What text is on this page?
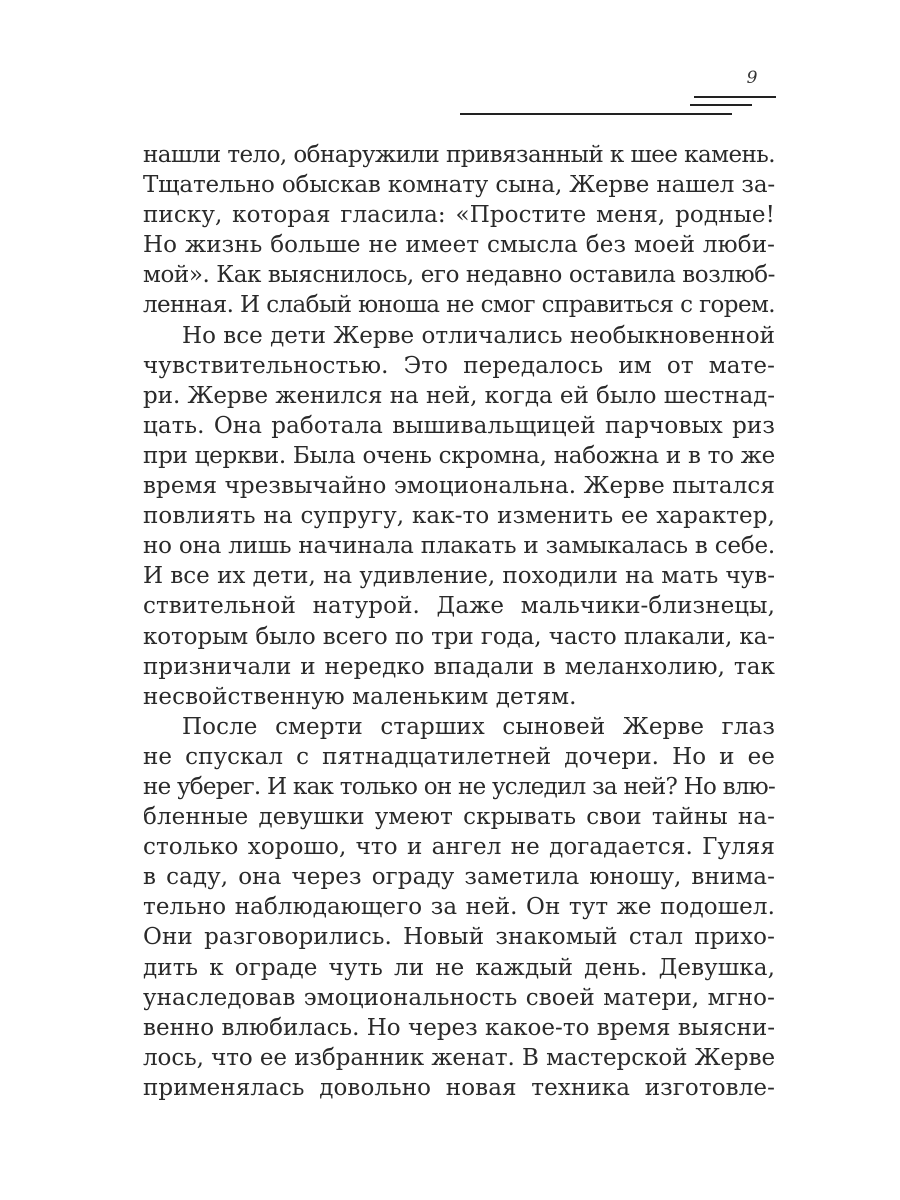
9
нашли тело, обнаружили привязанный к шее камень.
Тщательно обыскав комнату сына, Жерве нашел за-
писку, которая гласила: «Простите меня, родные!
Но жизнь больше не имеет смысла без моей люби-
мой». Как выяснилось, его недавно оставила возлюб-
ленная. И слабый юноша не смог справиться с горем.
Но все дети Жерве отличались необыкновенной
чувствительностью. Это передалось им от мате-
ри. Жерве женился на ней, когда ей было шестнад-
цать. Она работала вышивальщицей парчовых риз
при церкви. Была очень скромна, набожна и в то же
время чрезвычайно эмоциональна. Жерве пытался
повлиять на супругу, как-то изменить ее характер,
но она лишь начинала плакать и замыкалась в себе.
И все их дети, на удивление, походили на мать чув-
ствительной натурой. Даже мальчики-близнецы,
которым было всего по три года, часто плакали, ка-
призничали и нередко впадали в меланхолию, так
несвойственную маленьким детям.
После смерти старших сыновей Жерве глаз
не спускал с пятнадцатилетней дочери. Но и ее
не уберег. И как только он не уследил за ней? Но влю-
бленные девушки умеют скрывать свои тайны на-
столько хорошо, что и ангел не догадается. Гуляя
в саду, она через ограду заметила юношу, внима-
тельно наблюдающего за ней. Он тут же подошел.
Они разговорились. Новый знакомый стал прихо-
дить к ограде чуть ли не каждый день. Девушка,
унаследовав эмоциональность своей матери, мгно-
венно влюбилась. Но через какое-то время выясни-
лось, что ее избранник женат. В мастерской Жерве
применялась довольно новая техника изготовле-
